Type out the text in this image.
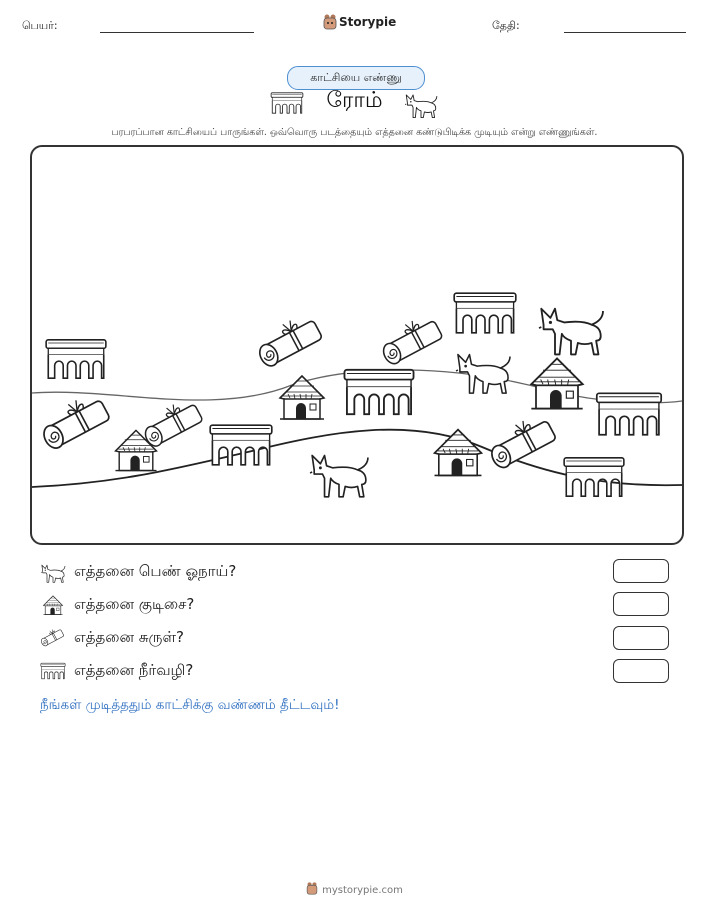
பெயர்:	Storypie	தேதி:
காட்சியை எண்ணு
ரோம்
பரபரப்பான காட்சியைப் பாருங்கள். ஒவ்வொரு படத்தையும் எத்தனை கண்டுபிடிக்க முடியும் என்று எண்ணுங்கள்.
எத்தனை பெண் ஓநாய்?
எத்தனை குடிசை?
எத்தனை சுருள்?
எத்தனை நீர்வழி?
நீங்கள் முடித்ததும் காட்சிக்கு வண்ணம் தீட்டவும்!
mystorypie.com
